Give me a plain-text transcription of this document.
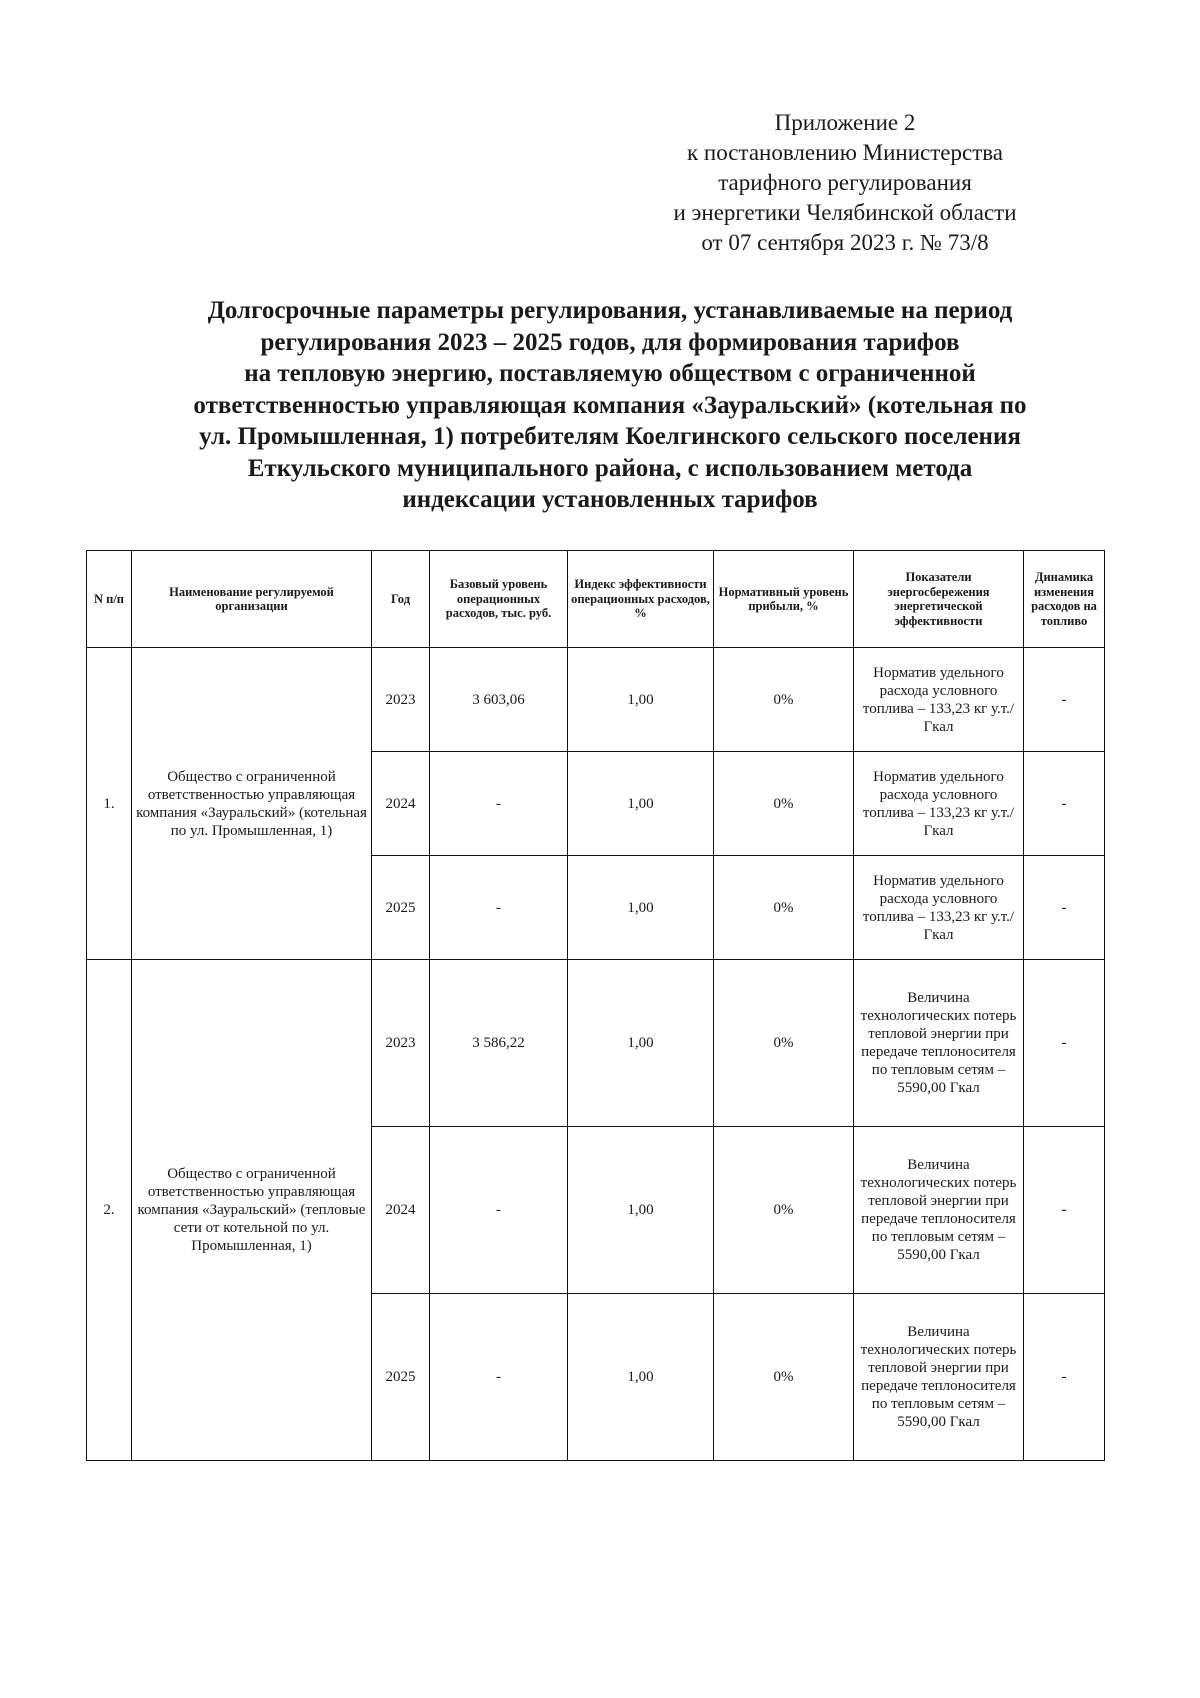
Приложение 2
к постановлению Министерства
тарифного регулирования
и энергетики Челябинской области
от 07 сентября 2023 г. № 73/8
Долгосрочные параметры регулирования, устанавливаемые на период
регулирования 2023 – 2025 годов, для формирования тарифов
на тепловую энергию, поставляемую обществом с ограниченной
ответственностью управляющая компания «Зауральский» (котельная по
ул. Промышленная, 1) потребителям Коелгинского сельского поселения
Еткульского муниципального района, с использованием метода
индексации установленных тарифов
N п/п	Наименование регулируемой организации	Год	Базовый уровень операционных расходов, тыс. руб.	Индекс эффективности операционных расходов, %	Нормативный уровень прибыли, %	Показатели энергосбережения энергетической эффективности	Динамика изменения расходов на топливо
1.	Общество с ограниченной ответственностью управляющая компания «Зауральский» (котельная по ул. Промышленная, 1)	2023	3 603,06	1,00	0%	Норматив удельного расхода условного топлива – 133,23 кг у.т./Гкал	-
		2024	-	1,00	0%	Норматив удельного расхода условного топлива – 133,23 кг у.т./Гкал	-
		2025	-	1,00	0%	Норматив удельного расхода условного топлива – 133,23 кг у.т./Гкал	-
2.	Общество с ограниченной ответственностью управляющая компания «Зауральский» (тепловые сети от котельной по ул. Промышленная, 1)	2023	3 586,22	1,00	0%	Величина технологических потерь тепловой энергии при передаче теплоносителя по тепловым сетям – 5590,00 Гкал	-
		2024	-	1,00	0%	Величина технологических потерь тепловой энергии при передаче теплоносителя по тепловым сетям – 5590,00 Гкал	-
		2025	-	1,00	0%	Величина технологических потерь тепловой энергии при передаче теплоносителя по тепловым сетям – 5590,00 Гкал	-
